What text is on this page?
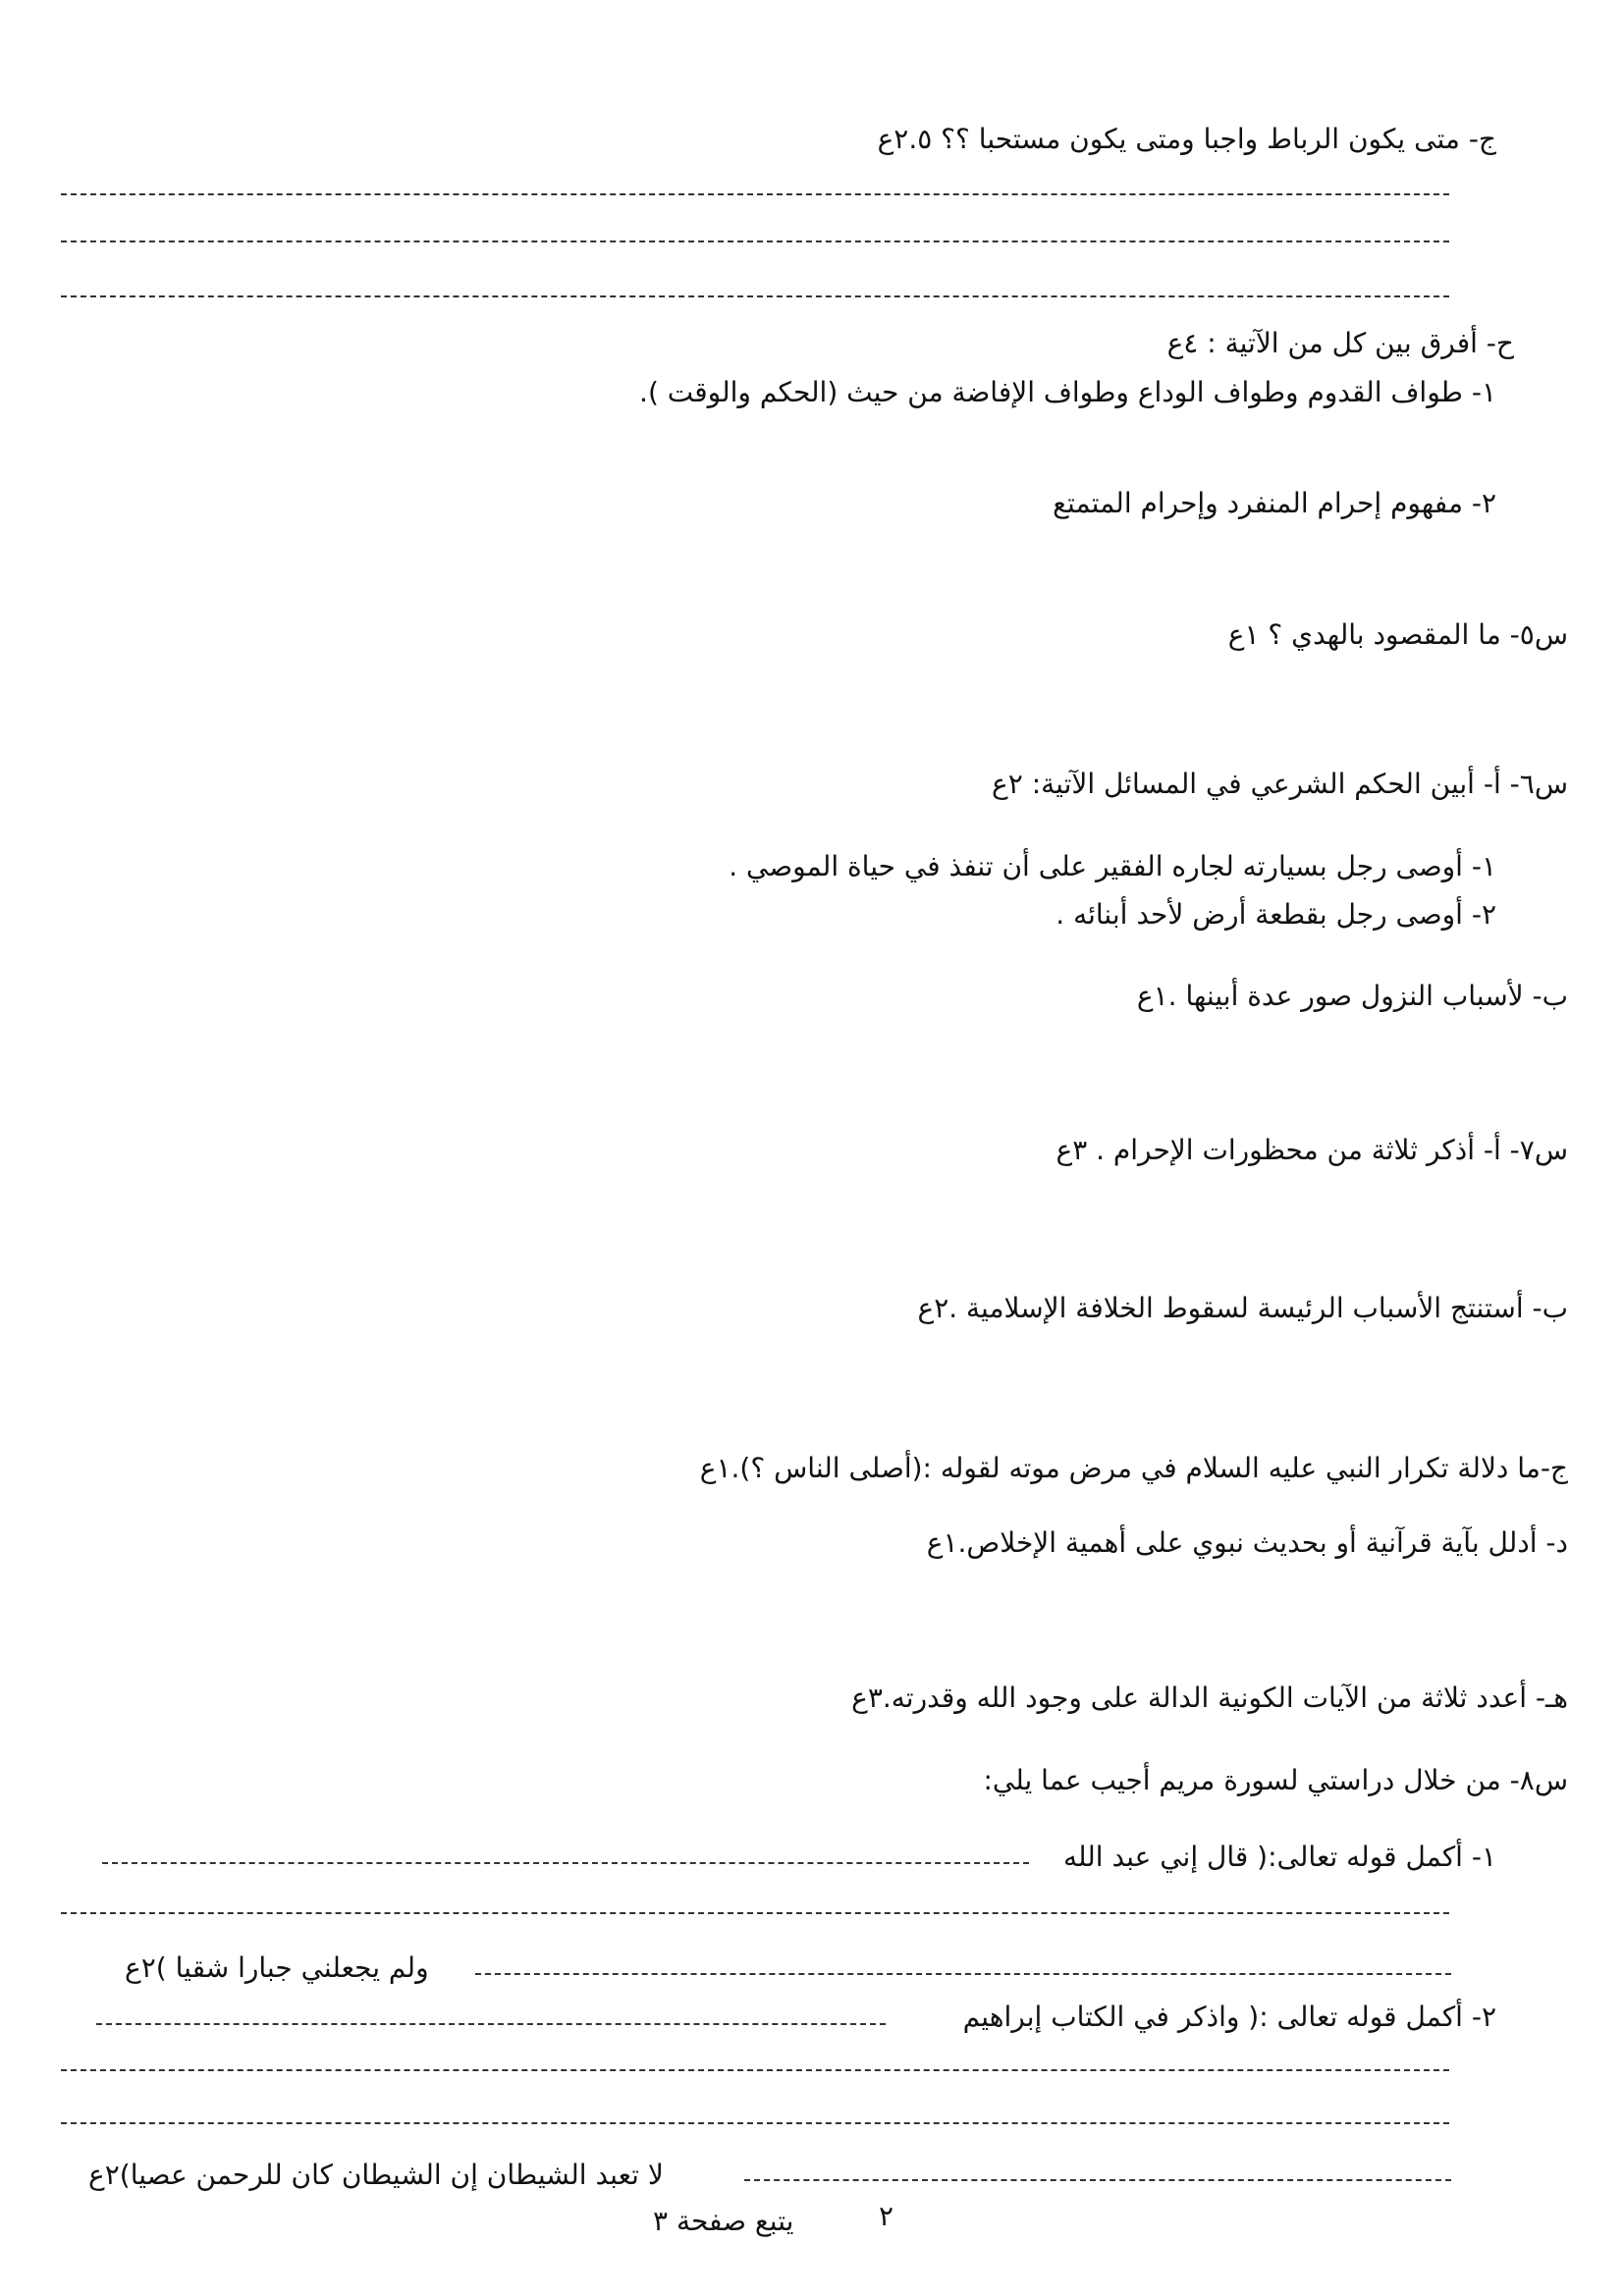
ج- متى يكون الرباط واجبا ومتى يكون مستحبا ؟؟ ٢.٥ع
ح- أفرق بين كل من الآتية : ٤ع
١- طواف القدوم وطواف الوداع وطواف الإفاضة من حيث (الحكم والوقت ).
٢- مفهوم إحرام المنفرد وإحرام المتمتع
س٥- ما المقصود بالهدي ؟ ١ع
س٦- أ- أبين الحكم الشرعي في المسائل الآتية: ٢ع
١- أوصى رجل بسيارته لجاره الفقير على أن تنفذ في حياة الموصي .
٢- أوصى رجل بقطعة أرض لأحد أبنائه .
ب- لأسباب النزول صور عدة أبينها .١ع
س٧- أ- أذكر ثلاثة من محظورات الإحرام . ٣ع
ب- أستنتج الأسباب الرئيسة لسقوط الخلافة الإسلامية .٢ع
ج-ما دلالة تكرار النبي عليه السلام في مرض موته لقوله :(أصلى الناس ؟).١ع
د- أدلل بآية قرآنية أو بحديث نبوي على أهمية الإخلاص.١ع
هـ- أعدد ثلاثة من الآيات الكونية الدالة على وجود الله وقدرته.٣ع
س٨- من خلال دراستي لسورة مريم أجيب عما يلي:
١- أكمل قوله تعالى:( قال إني عبد الله
ولم يجعلني جبارا شقيا )٢ع
٢- أكمل قوله تعالى :( واذكر في الكتاب إبراهيم
لا تعبد الشيطان إن الشيطان كان للرحمن عصيا)٢ع
٢
يتبع صفحة ٣
